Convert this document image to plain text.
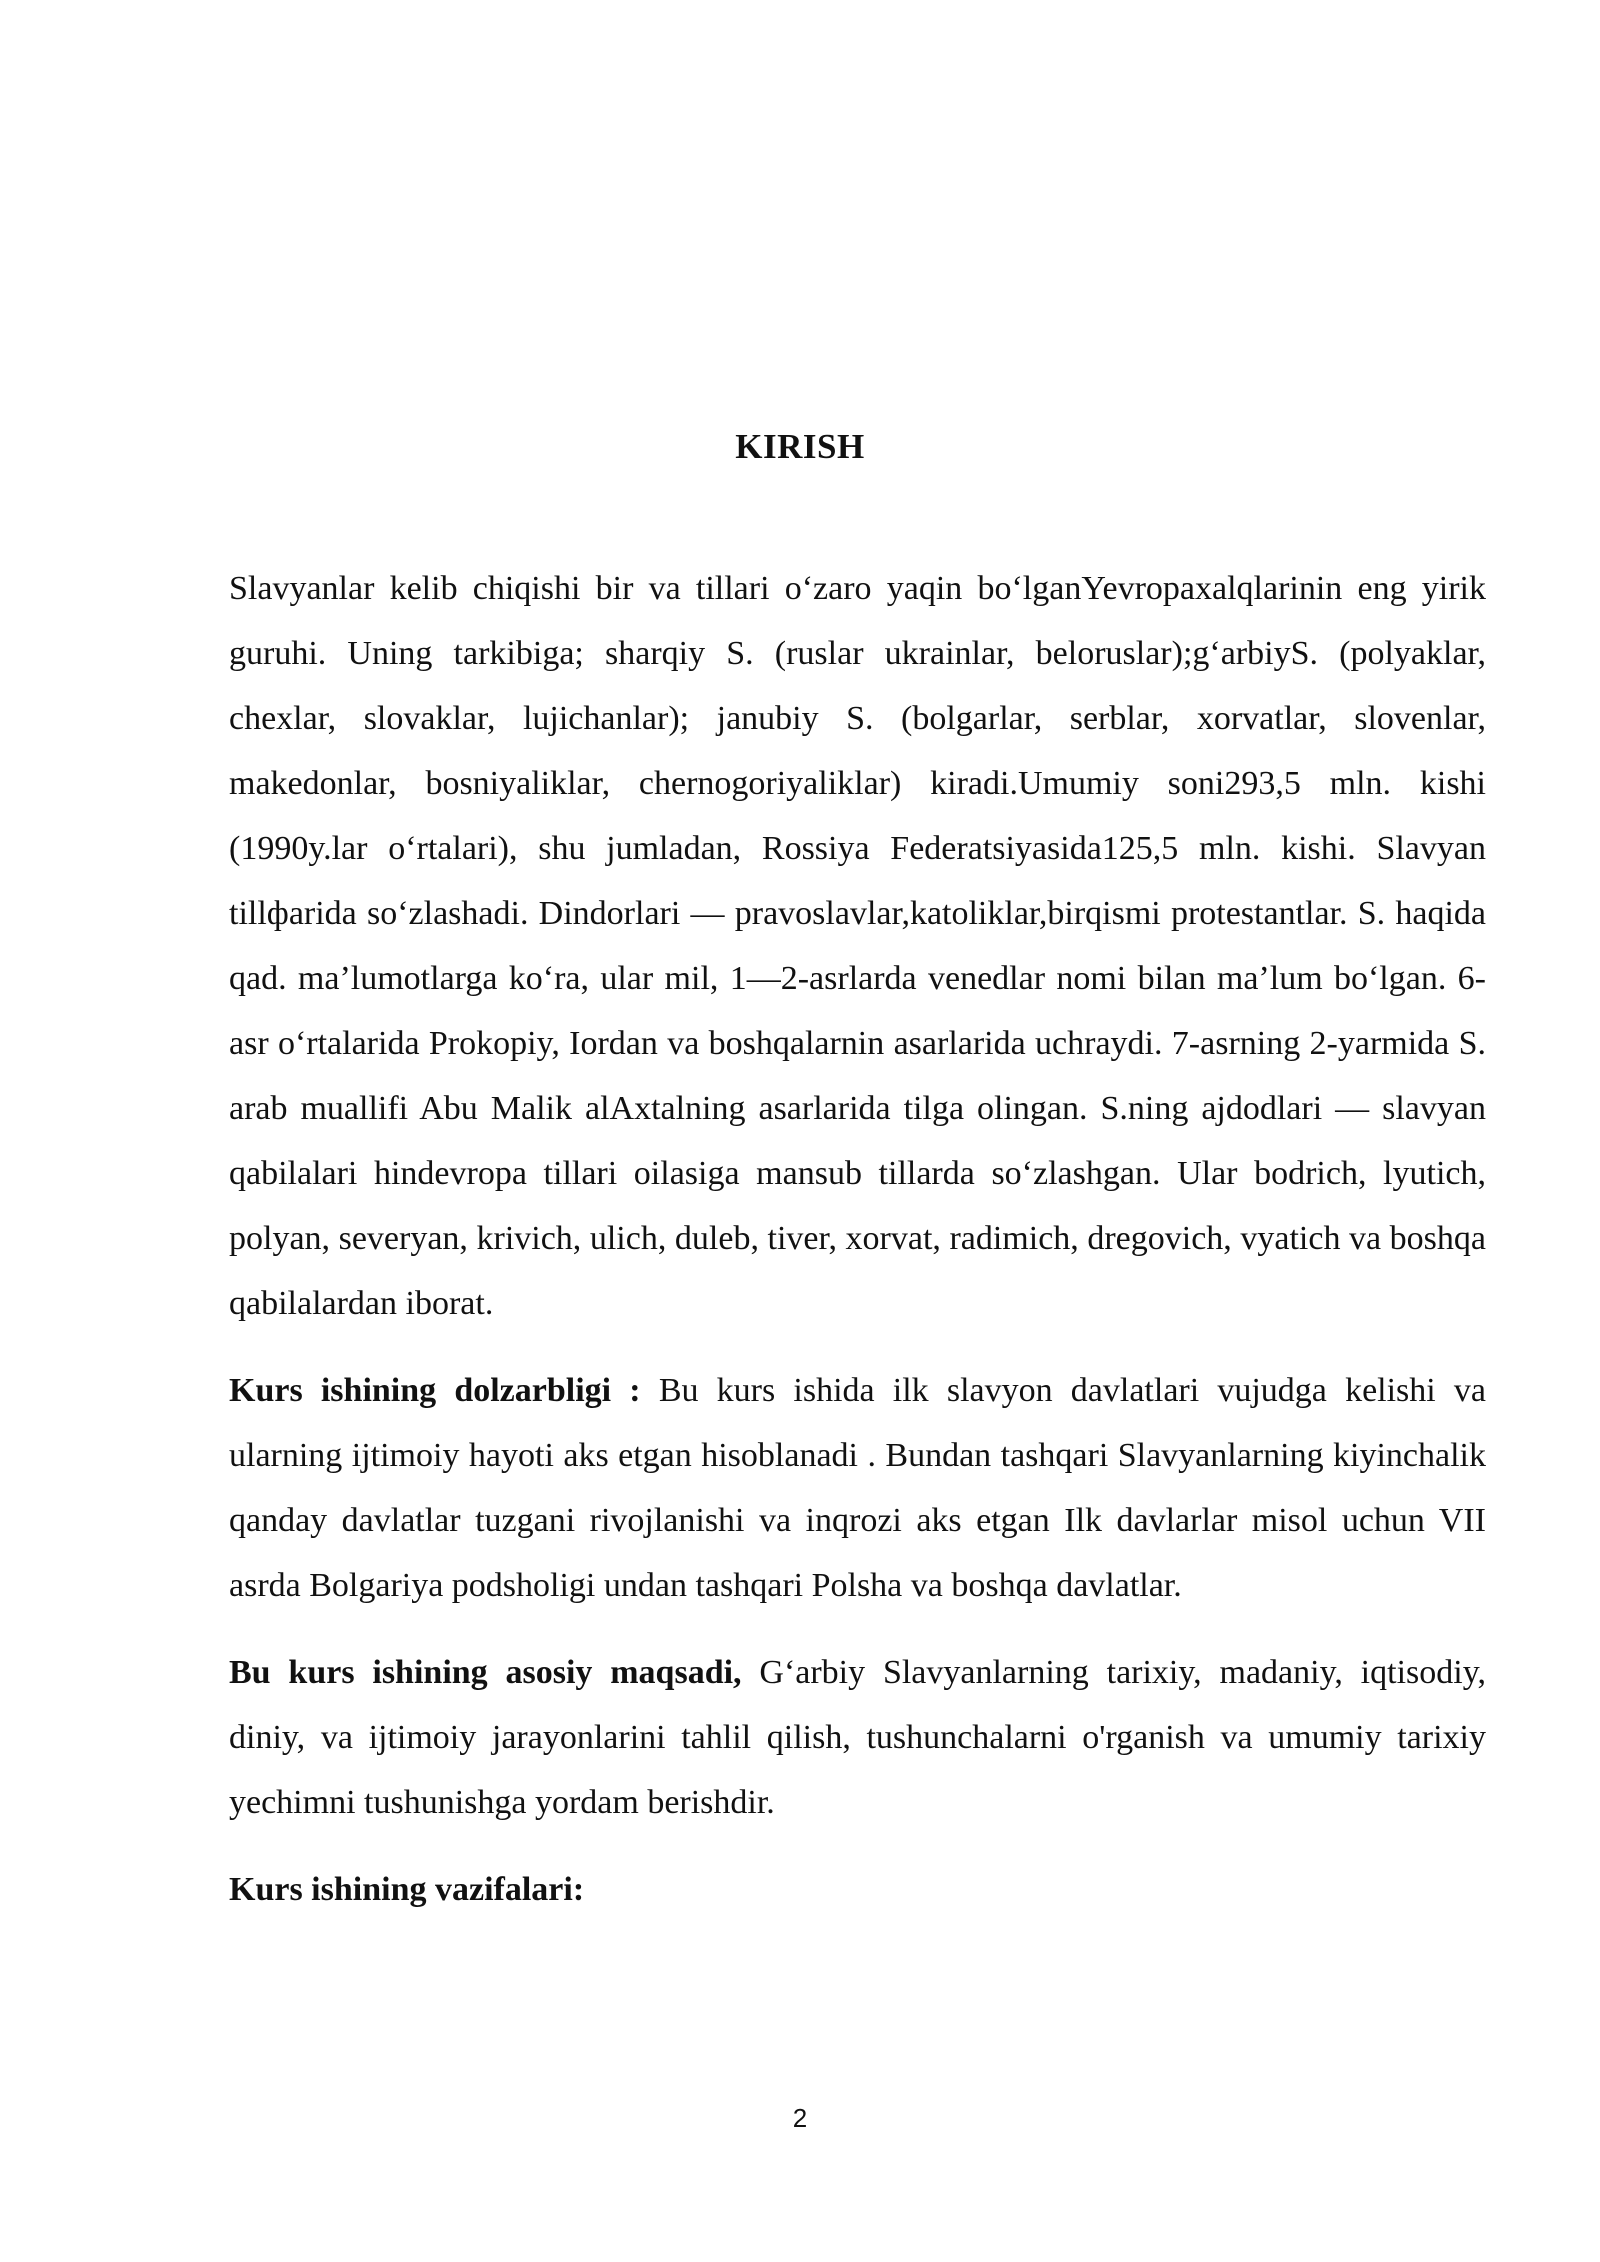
KIRISH

Slavyanlar kelib chiqishi bir va tillari o‘zaro yaqin bo‘lganYevropaxalqlarinin eng yirik guruhi. Uning tarkibiga; sharqiy S. (ruslar ukrainlar, beloruslar);g‘arbiyS. (polyaklar, chexlar, slovaklar, lujichanlar); janubiy S. (bolgarlar, serblar, xorvatlar, slovenlar, makedonlar, bosniyaliklar, chernogoriyaliklar) kiradi.Umumiy soni293,5 mln. kishi (1990y.lar o‘rtalari), shu jumladan, Rossiya Federatsiyasida125,5 mln. kishi. Slavyan tillфarida so‘zlashadi. Dindorlari — pravoslavlar,katoliklar,birqismi protestantlar. S. haqida qad. ma’lumotlarga ko‘ra, ular mil, 1—2-asrlarda venedlar nomi bilan ma’lum bo‘lgan. 6-asr o‘rtalarida Prokopiy, Iordan va boshqalarnin asarlarida uchraydi. 7-asrning 2-yarmida S. arab muallifi Abu Malik alAxtalning asarlarida tilga olingan. S.ning ajdodlari — slavyan qabilalari hindevropa tillari oilasiga mansub tillarda so‘zlashgan. Ular bodrich, lyutich, polyan, severyan, krivich, ulich, duleb, tiver, xorvat, radimich, dregovich, vyatich va boshqa qabilalardan iborat.

Kurs ishining dolzarbligi : Bu kurs ishida ilk slavyon davlatlari vujudga kelishi va ularning ijtimoiy hayoti aks etgan hisoblanadi . Bundan tashqari Slavyanlarning kiyinchalik qanday davlatlar tuzgani rivojlanishi va inqrozi aks etgan Ilk davlarlar misol uchun VII asrda Bolgariya podsholigi undan tashqari Polsha va boshqa davlatlar.

Bu kurs ishining asosiy maqsadi, G‘arbiy Slavyanlarning tarixiy, madaniy, iqtisodiy, diniy, va ijtimoiy jarayonlarini tahlil qilish, tushunchalarni o'rganish va umumiy tarixiy yechimni tushunishga yordam berishdir.

Kurs ishining vazifalari:

2
